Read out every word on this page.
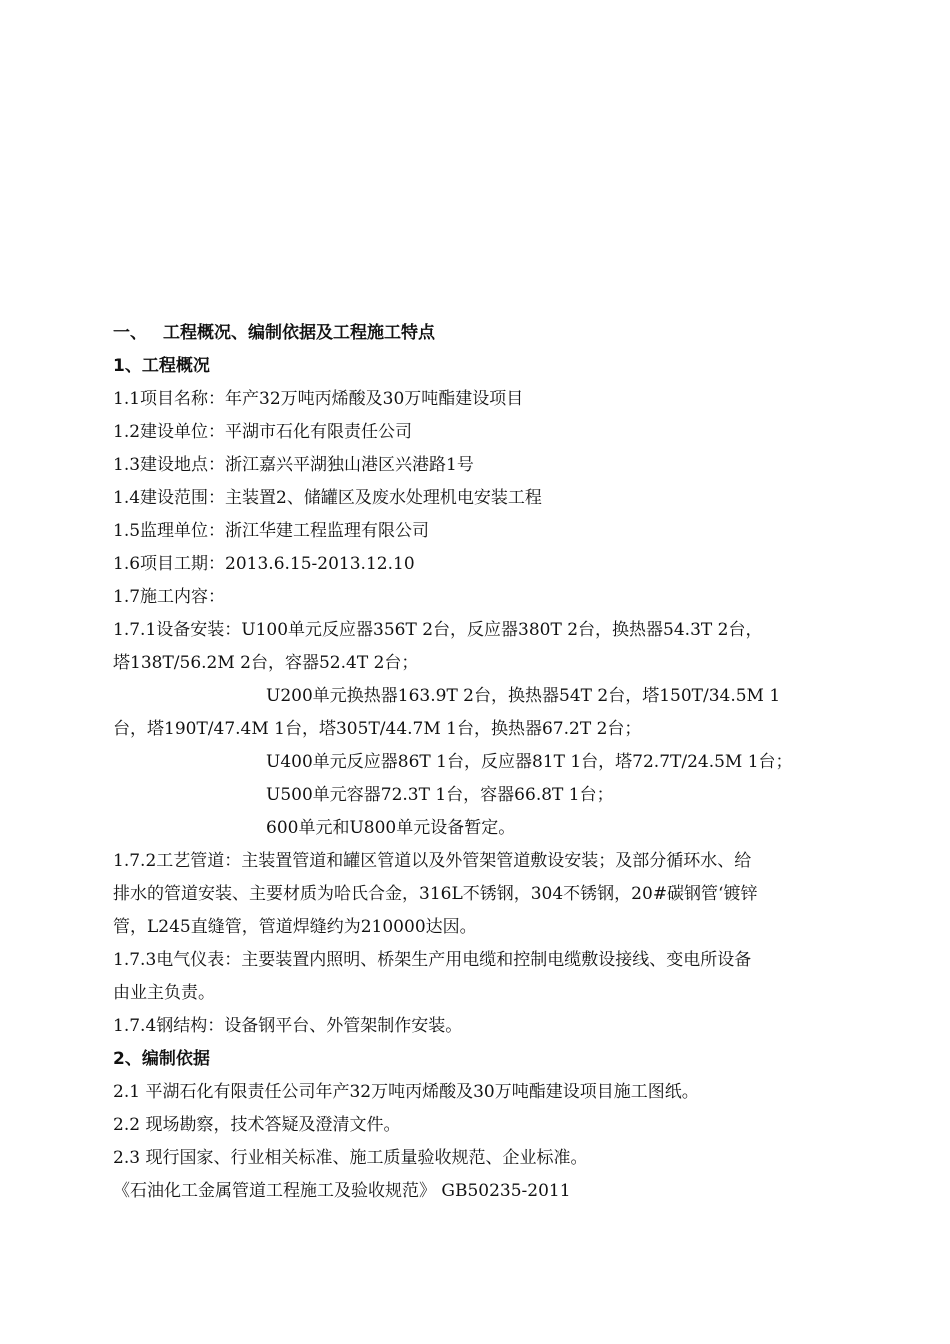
一、 工程概况、编制依据及工程施工特点
1、工程概况
1.1项目名称：年产32万吨丙烯酸及30万吨酯建设项目
1.2建设单位：平湖市石化有限责任公司
1.3建设地点：浙江嘉兴平湖独山港区兴港路1号
1.4建设范围：主装置2、储罐区及废水处理机电安装工程
1.5监理单位：浙江华建工程监理有限公司
1.6项目工期：2013.6.15-2013.12.10
1.7施工内容：
1.7.1设备安装：U100单元反应器356T 2台，反应器380T 2台，换热器54.3T 2台，
塔138T/56.2M 2台，容器52.4T 2台；
U200单元换热器163.9T 2台，换热器54T 2台，塔150T/34.5M 1
台，塔190T/47.4M 1台，塔305T/44.7M 1台，换热器67.2T 2台；
U400单元反应器86T 1台，反应器81T 1台，塔72.7T/24.5M 1台；
U500单元容器72.3T 1台，容器66.8T 1台；
600单元和U800单元设备暂定。
1.7.2工艺管道：主装置管道和罐区管道以及外管架管道敷设安装；及部分循环水、给
排水的管道安装、主要材质为哈氏合金，316L不锈钢，304不锈钢，20#碳钢管‘镀锌
管，L245直缝管，管道焊缝约为210000达因。
1.7.3电气仪表：主要装置内照明、桥架生产用电缆和控制电缆敷设接线、变电所设备
由业主负责。
1.7.4钢结构：设备钢平台、外管架制作安装。
2、编制依据
2.1 平湖石化有限责任公司年产32万吨丙烯酸及30万吨酯建设项目施工图纸。
2.2 现场勘察，技术答疑及澄清文件。
2.3 现行国家、行业相关标准、施工质量验收规范、企业标准。
《石油化工金属管道工程施工及验收规范》 GB50235-2011
